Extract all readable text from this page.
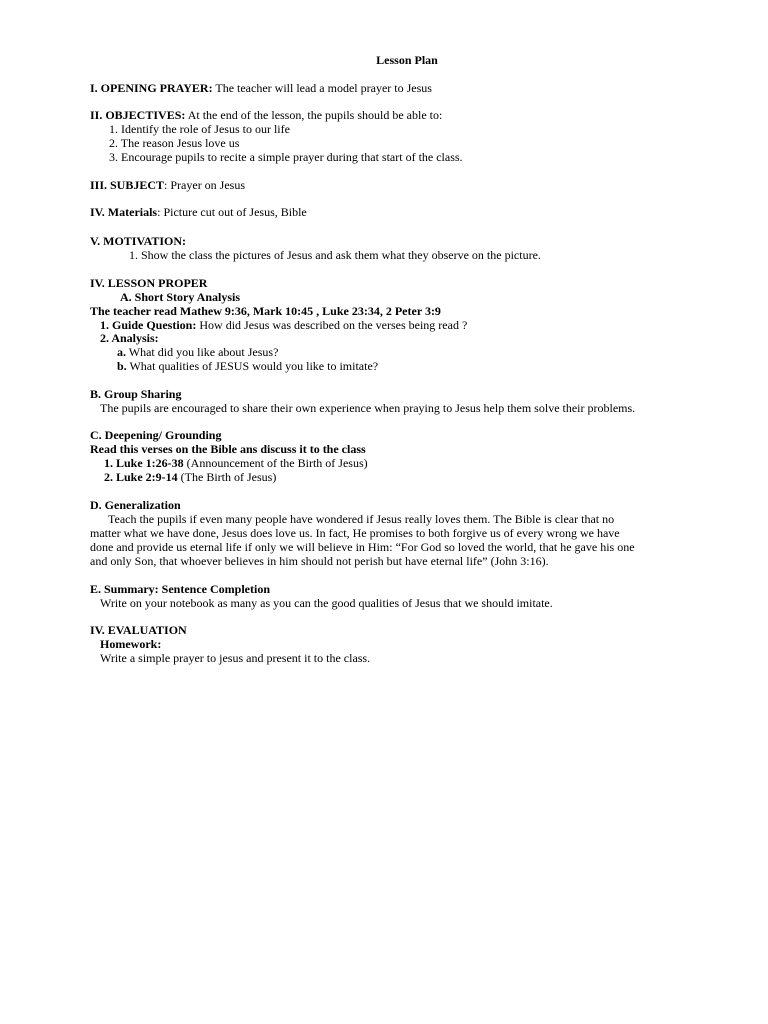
Lesson Plan
I. OPENING PRAYER: The teacher will lead a model prayer to Jesus
II. OBJECTIVES: At the end of the lesson, the pupils should be able to:
1. Identify the role of Jesus to our life
2. The reason Jesus love us
3. Encourage pupils to recite a simple prayer during that start of the class.
III. SUBJECT: Prayer on Jesus
IV. Materials: Picture cut out of Jesus, Bible
V. MOTIVATION:
1. Show the class the pictures of Jesus and ask them what they observe on the picture.
IV. LESSON PROPER
A. Short Story Analysis
The teacher read Mathew 9:36, Mark 10:45 , Luke 23:34, 2 Peter 3:9
1. Guide Question: How did Jesus was described on the verses being read ?
2. Analysis:
a. What did you like about Jesus?
b. What qualities of JESUS would you like to imitate?
B. Group Sharing
The pupils are encouraged to share their own experience when praying to Jesus help them solve their problems.
C. Deepening/ Grounding
Read this verses on the Bible ans discuss it to the class
1. Luke 1:26-38 (Announcement of the Birth of Jesus)
2. Luke 2:9-14 (The Birth of Jesus)
D. Generalization
Teach the pupils if even many people have wondered if Jesus really loves them. The Bible is clear that no
matter what we have done, Jesus does love us. In fact, He promises to both forgive us of every wrong we have
done and provide us eternal life if only we will believe in Him: “For God so loved the world, that he gave his one
and only Son, that whoever believes in him should not perish but have eternal life” (John 3:16).
E. Summary: Sentence Completion
Write on your notebook as many as you can the good qualities of Jesus that we should imitate.
IV. EVALUATION
Homework:
Write a simple prayer to jesus and present it to the class.
